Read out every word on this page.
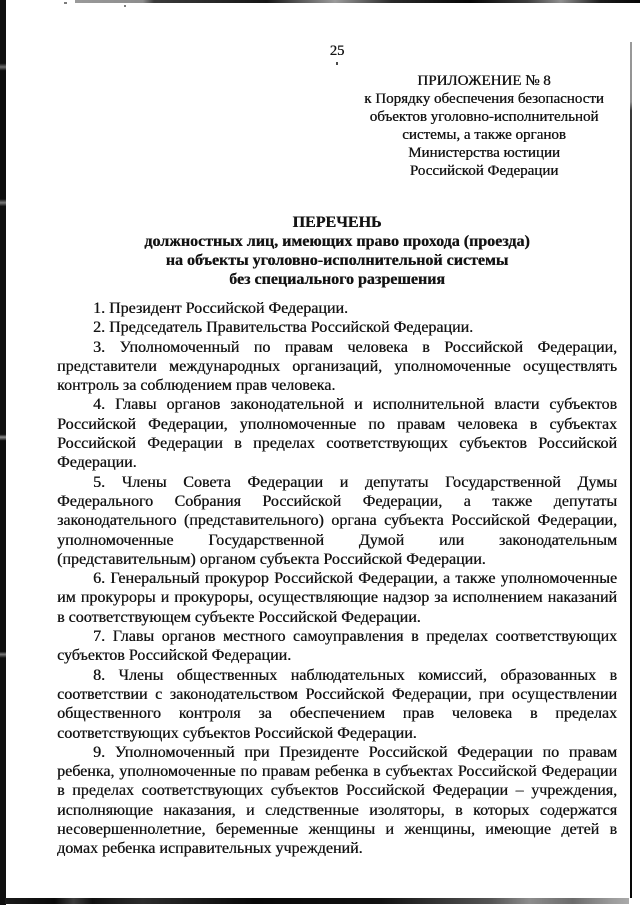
25
ПРИЛОЖЕНИЕ № 8
к Порядку обеспечения безопасности
объектов уголовно-исполнительной
системы, а также органов
Министерства юстиции
Российской Федерации
ПЕРЕЧЕНЬ
должностных лиц, имеющих право прохода (проезда)
на объекты уголовно-исполнительной системы
без специального разрешения

1. Президент Российской Федерации.

2. Председатель Правительства Российской Федерации.

3. Уполномоченный по правам человека в Российской Федерации, представители международных организаций, уполномоченные осуществлять контроль за соблюдением прав человека.

4. Главы органов законодательной и исполнительной власти субъектов Российской Федерации, уполномоченные по правам человека в субъектах Российской Федерации в пределах соответствующих субъектов Российской Федерации.

5. Члены Совета Федерации и депутаты Государственной Думы Федерального Собрания Российской Федерации, а также депутаты законодательного (представительного) органа субъекта Российской Федерации, уполномоченные Государственной Думой или законодательным (представительным) органом субъекта Российской Федерации.

6. Генеральный прокурор Российской Федерации, а также уполномоченные им прокуроры и прокуроры, осуществляющие надзор за исполнением наказаний в соответствующем субъекте Российской Федерации.

7. Главы органов местного самоуправления в пределах соответствующих субъектов Российской Федерации.

8. Члены общественных наблюдательных комиссий, образованных в соответствии с законодательством Российской Федерации, при осуществлении общественного контроля за обеспечением прав человека в пределах соответствующих субъектов Российской Федерации.

9. Уполномоченный при Президенте Российской Федерации по правам ребенка, уполномоченные по правам ребенка в субъектах Российской Федерации в пределах соответствующих субъектов Российской Федерации – учреждения, исполняющие наказания, и следственные изоляторы, в которых содержатся несовершеннолетние, беременные женщины и женщины, имеющие детей в домах ребенка исправительных учреждений.
